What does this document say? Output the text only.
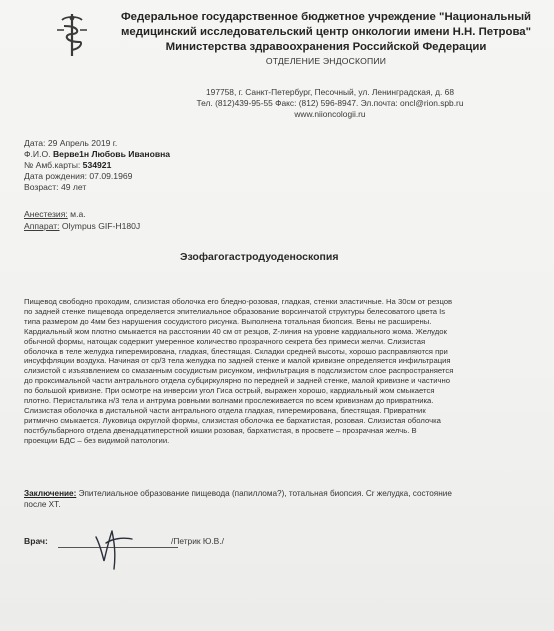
Федеральное государственное бюджетное учреждение "Национальный
медицинский исследовательский центр онкологии имени Н.Н. Петрова"
Министерства здравоохранения Российской Федерации
ОТДЕЛЕНИЕ ЭНДОСКОПИИ
197758, г. Санкт-Петербург, Песочный, ул. Ленинградская, д. 68
Тел. (812)439-95-55 Факс: (812) 596-8947. Эл.почта: oncl@rion.spb.ru
www.niioncologii.ru
Дата: 29 Апрель 2019 г.
Ф.И.О. Верве1н Любовь Ивановна
№ Амб.карты: 534921
Дата рождения: 07.09.1969
Возраст: 49 лет
Анестезия: м.а.
Аппарат: Olympus GIF-H180J
Эзофагогастродуоденоскопия
Пищевод свободно проходим, слизистая оболочка его бледно-розовая, гладкая, стенки эластичные. На 30см от резцов
по задней стенке пищевода определяется эпителиальное образование ворсинчатой структуры белесоватого цвета Is
типа размером до 4мм без нарушения сосудистого рисунка. Выполнена тотальная биопсия. Вены не расширены.
Кардиальный жом плотно смыкается на расстоянии 40 см от резцов, Z-линия на уровне кардиального жома. Желудок
обычной формы, натощак содержит умеренное количество прозрачного секрета без примеси желчи. Слизистая
оболочка в теле желудка гиперемирована, гладкая, блестящая. Складки средней высоты, хорошо расправляются при
инсуффляции воздуха. Начиная от ср/3 тела желудка по задней стенке и малой кривизне определяется инфильтрация
слизистой с изъязвлением со смазанным сосудистым рисунком, инфильтрация в подслизистом слое распространяется
до проксимальной части антрального отдела субциркулярно по передней и задней стенке, малой кривизне и частично
по большой кривизне. При осмотре на инверсии угол Гиса острый, выражен хорошо, кардиальный жом смыкается
плотно. Перистальтика н/3 тела и антрума ровными волнами прослеживается по всем кривизнам до привратника.
Слизистая оболочка в дистальной части антрального отдела гладкая, гиперемирована, блестящая. Привратник
ритмично смыкается. Луковица округлой формы, слизистая оболочка ее бархатистая, розовая. Слизистая оболочка
постбульбарного отдела двенадцатиперстной кишки розовая, бархатистая, в просвете – прозрачная желчь. В
проекции БДС – без видимой патологии.
Заключение: Эпителиальное образование пищевода (папиллома?), тотальная биопсия. Cr желудка, состояние
после ХТ.
Врач:	/Петрик Ю.В./
